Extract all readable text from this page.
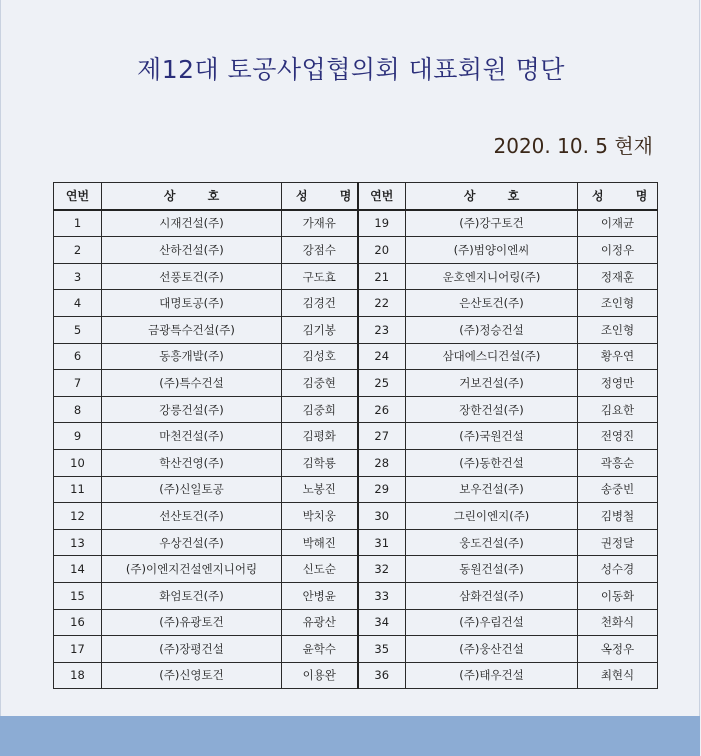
제12대 토공사업협의회 대표회원 명단
2020. 10. 5 현재
연번	상 호	성 명	연번	상 호	성 명
1	시재건설(주)	가재유	19	(주)강구토건	이재균
2	산하건설(주)	강점수	20	(주)범양이엔씨	이정우
3	선풍토건(주)	구도효	21	운호엔지니어링(주)	정재훈
4	대명토공(주)	김경건	22	은산토건(주)	조인형
5	금광특수건설(주)	김기봉	23	(주)정승건설	조인형
6	동흥개발(주)	김성호	24	삼대에스디건설(주)	황우연
7	(주)특수건설	김중현	25	거보건설(주)	정영만
8	강릉건설(주)	김중희	26	장한건설(주)	김요한
9	마천건설(주)	김평화	27	(주)국원건설	전영진
10	학산건영(주)	김학룡	28	(주)동한건설	곽흥순
11	(주)신일토공	노봉진	29	보우건설(주)	송중빈
12	선산토건(주)	박치웅	30	그린이엔지(주)	김병철
13	우상건설(주)	박해진	31	웅도건설(주)	권정달
14	(주)이엔지건설엔지니어링	신도순	32	동원건설(주)	성수경
15	화엄토건(주)	안병윤	33	삼화건설(주)	이동화
16	(주)유광토건	유광산	34	(주)우림건설	천화식
17	(주)장평건설	윤학수	35	(주)웅산건설	옥정우
18	(주)신영토건	이용완	36	(주)태우건설	최현식
